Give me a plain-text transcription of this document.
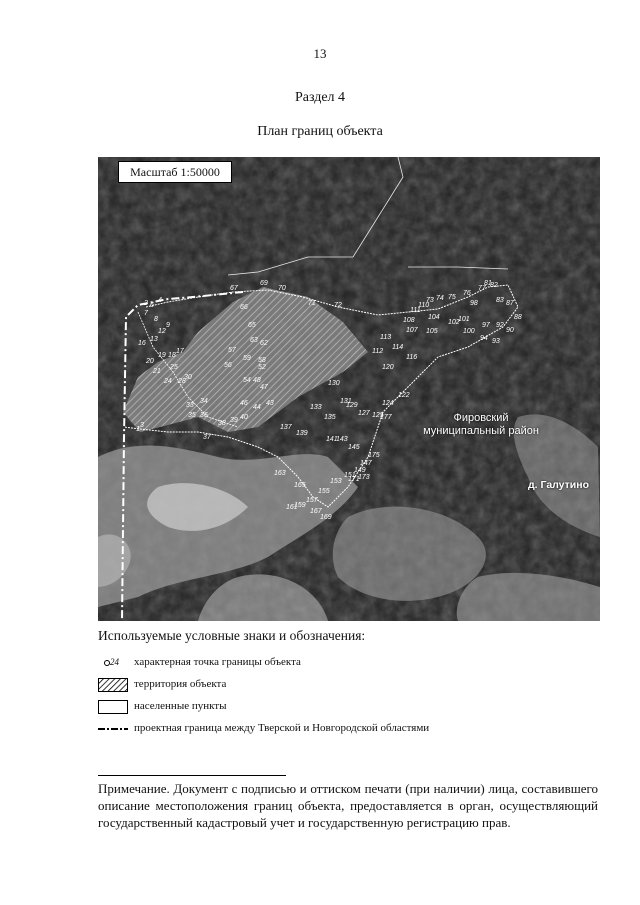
13
Раздел 4
План границ объекта
67
69
70
71	72
66
65
63 62
57
59 58
56	52
54 48
47
46	43
44
40
39
38
37
35 36
33
34
30
28
24
25
21
20
19 18
17
16
13
12
9
8
7
6
4
3
1
2
108
107
104
105
102
100
101
98
97
94 93
92
90
88
87
83
82
81
77
76
75
74
73
110
111
113
112
114
116
120
122
124
125
127
129
130
131
133
135
137
139
141
143
145
147
149
151
153
155
157
159
161
163
165
167
169
171
173
175
177	Фировский
муниципальный район
д. Галутино
Масштаб 1:50000
Используемые условные знаки и обозначения:
24	характерная точка границы объекта
территория объекта
населенные пункты
проектная граница между Тверской и Новгородской областями
Примечание. Документ с подписью и оттиском печати (при наличии) лица, составившего описание местоположения границ объекта, предоставляется в орган, осуществляющий государственный кадастровый учет и государственную регистрацию прав.
